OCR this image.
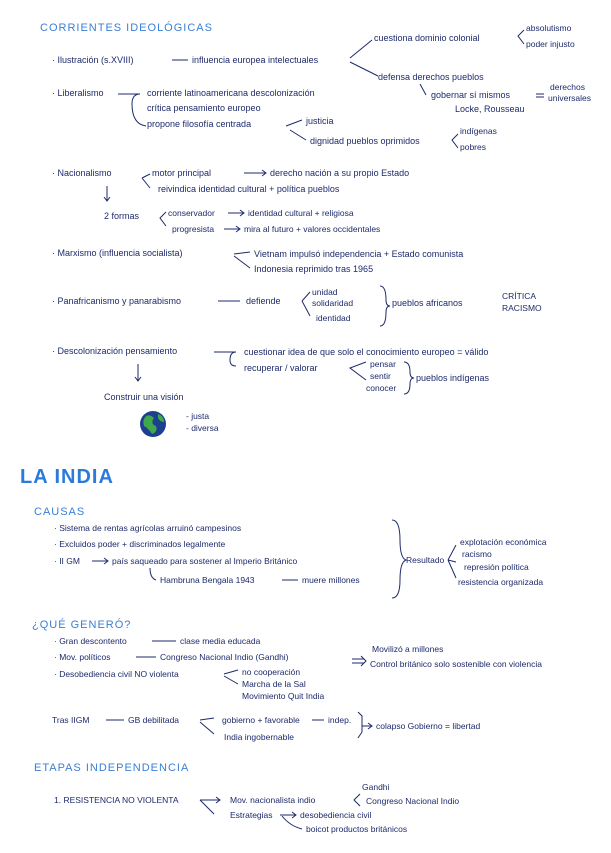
CORRIENTES IDEOLÓGICAS
· Ilustración (s.XVIII)	influencia europea intelectuales
cuestiona dominio colonial
absolutismo
poder injusto
defensa derechos pueblos
gobernar sí mismos
derechos
universales
Locke, Rousseau
· Liberalismo	corriente latinoamericana descolonización
crítica pensamiento europeo
propone filosofía centrada	justicia
dignidad pueblos oprimidos
indígenas
pobres
· Nacionalismo	motor principal	derecho nación a su propio Estado
reivindica identidad cultural + política pueblos
2 formas	conservador	identidad cultural + religiosa
progresista	mira al futuro + valores occidentales
· Marxismo (influencia socialista)	Vietnam impulsó independencia + Estado comunista
Indonesia reprimido tras 1965
· Panafricanismo y panarabismo	defiende
unidad
solidaridad
identidad
pueblos africanos
CRÍTICA
RACISMO
· Descolonización pensamiento	cuestionar idea de que solo el conocimiento europeo = válido
recuperar / valorar	pensar
sentir
conocer
pueblos indígenas
Construir una visión
- justa
- diversa
LA INDIA
CAUSAS
· Sistema de rentas agrícolas arruinó campesinos
· Excluidos poder + discriminados legalmente
· II GM	país saqueado para sostener al Imperio Británico
Hambruna Bengala 1943	muere millones
Resultado
explotación económica
racismo
represión política
resistencia organizada
¿QUÉ GENERÓ?
· Gran descontento	clase media educada
· Mov. políticos	Congreso Nacional Indio (Gandhi)
· Desobediencia civil NO violenta	no cooperación
Marcha de la Sal
Movimiento Quit India
Movilizó a millones
Control británico solo sostenible con violencia
Tras IIGM	GB debilitada	gobierno + favorable	indep.
India ingobernable
colapso Gobierno = libertad
ETAPAS INDEPENDENCIA
1. RESISTENCIA NO VIOLENTA	Mov. nacionalista indio
Gandhi
Congreso Nacional Indio
Estrategias	desobediencia civil
boicot productos británicos
